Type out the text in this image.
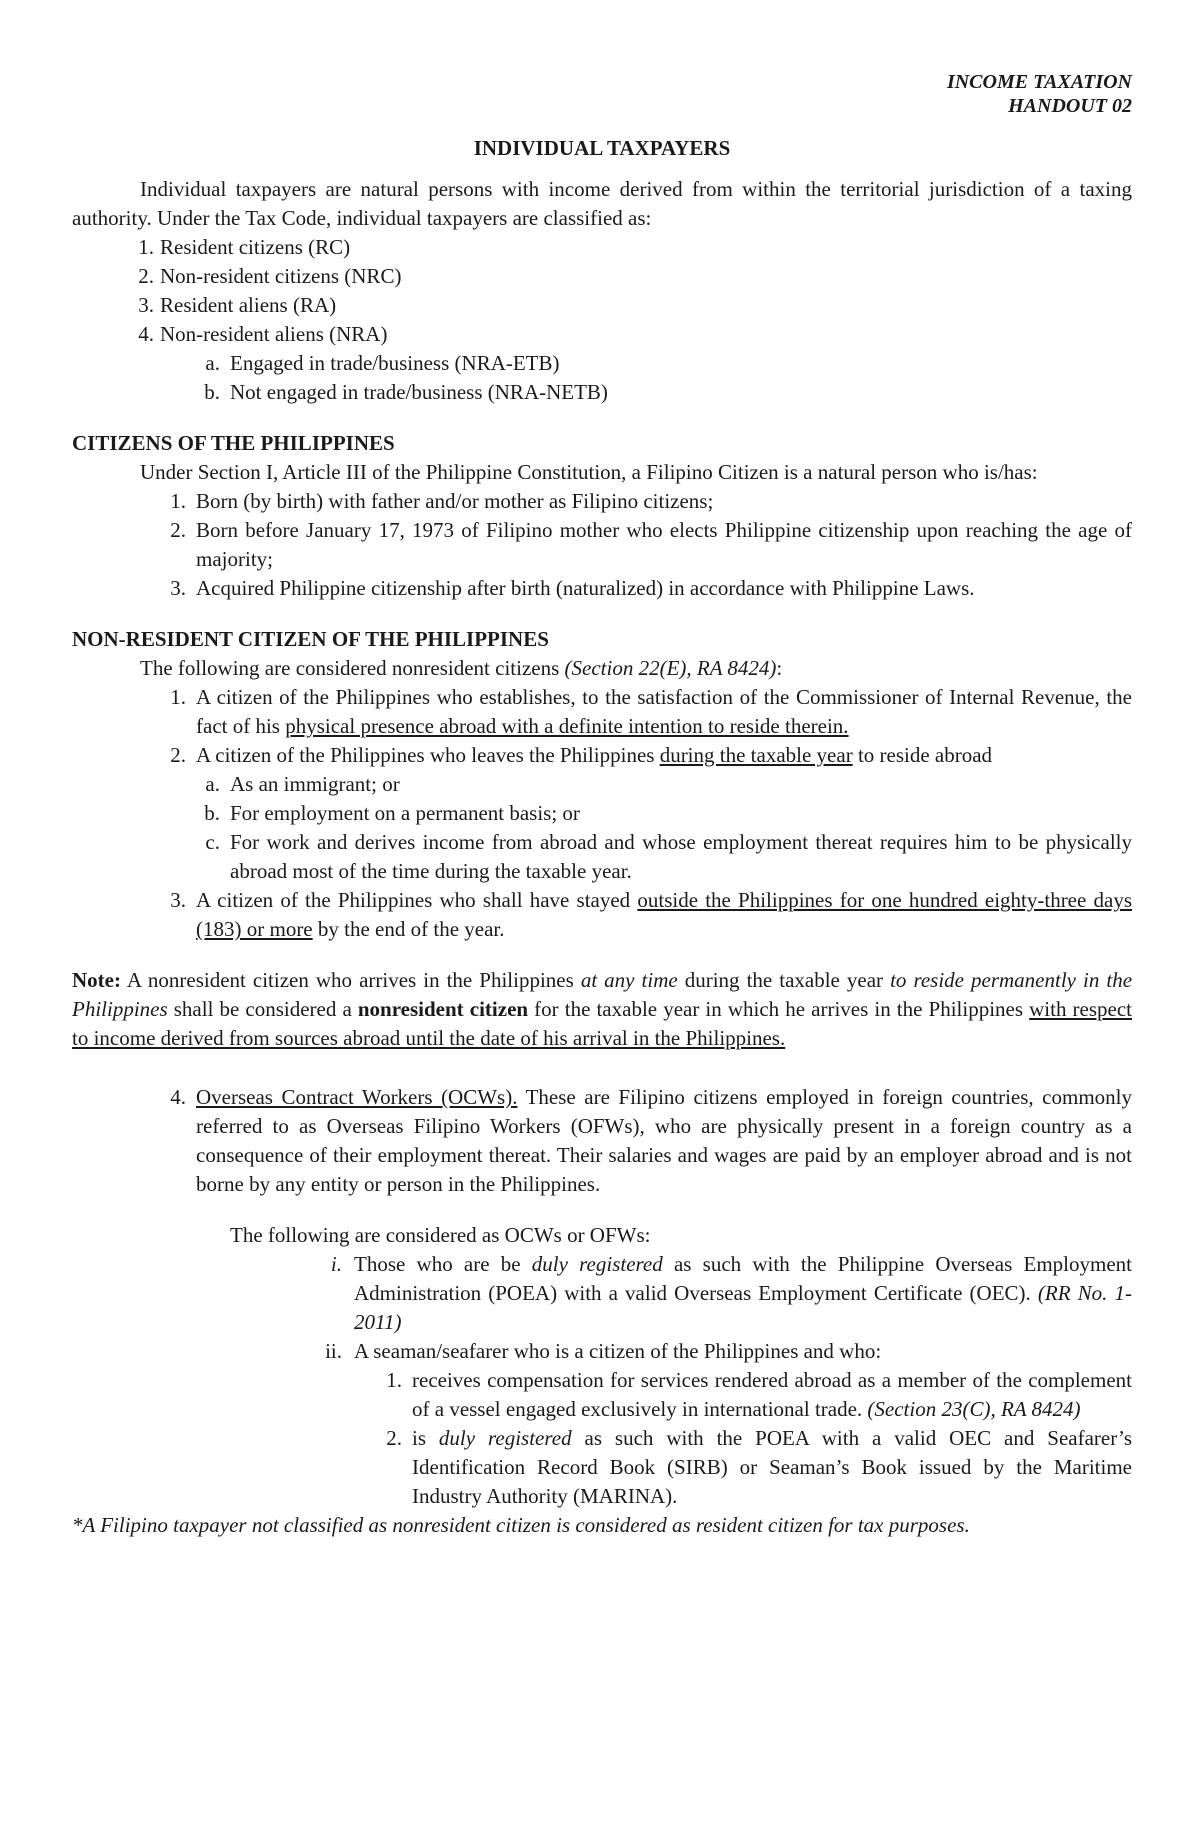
INCOME TAXATION
HANDOUT 02
INDIVIDUAL TAXPAYERS
Individual taxpayers are natural persons with income derived from within the territorial jurisdiction of a taxing authority. Under the Tax Code, individual taxpayers are classified as:
1. Resident citizens (RC)
2. Non-resident citizens (NRC)
3. Resident aliens (RA)
4. Non-resident aliens (NRA)
a. Engaged in trade/business (NRA-ETB)
b. Not engaged in trade/business (NRA-NETB)
CITIZENS OF THE PHILIPPINES
Under Section I, Article III of the Philippine Constitution, a Filipino Citizen is a natural person who is/has:
1. Born (by birth) with father and/or mother as Filipino citizens;
2. Born before January 17, 1973 of Filipino mother who elects Philippine citizenship upon reaching the age of majority;
3. Acquired Philippine citizenship after birth (naturalized) in accordance with Philippine Laws.
NON-RESIDENT CITIZEN OF THE PHILIPPINES
The following are considered nonresident citizens (Section 22(E), RA 8424):
1. A citizen of the Philippines who establishes, to the satisfaction of the Commissioner of Internal Revenue, the fact of his physical presence abroad with a definite intention to reside therein.
2. A citizen of the Philippines who leaves the Philippines during the taxable year to reside abroad
a. As an immigrant; or
b. For employment on a permanent basis; or
c. For work and derives income from abroad and whose employment thereat requires him to be physically abroad most of the time during the taxable year.
3. A citizen of the Philippines who shall have stayed outside the Philippines for one hundred eighty-three days (183) or more by the end of the year.
Note: A nonresident citizen who arrives in the Philippines at any time during the taxable year to reside permanently in the Philippines shall be considered a nonresident citizen for the taxable year in which he arrives in the Philippines with respect to income derived from sources abroad until the date of his arrival in the Philippines.
4. Overseas Contract Workers (OCWs). These are Filipino citizens employed in foreign countries, commonly referred to as Overseas Filipino Workers (OFWs), who are physically present in a foreign country as a consequence of their employment thereat. Their salaries and wages are paid by an employer abroad and is not borne by any entity or person in the Philippines.
The following are considered as OCWs or OFWs:
i. Those who are be duly registered as such with the Philippine Overseas Employment Administration (POEA) with a valid Overseas Employment Certificate (OEC). (RR No. 1-2011)
ii. A seaman/seafarer who is a citizen of the Philippines and who:
1. receives compensation for services rendered abroad as a member of the complement of a vessel engaged exclusively in international trade. (Section 23(C), RA 8424)
2. is duly registered as such with the POEA with a valid OEC and Seafarer’s Identification Record Book (SIRB) or Seaman’s Book issued by the Maritime Industry Authority (MARINA).
*A Filipino taxpayer not classified as nonresident citizen is considered as resident citizen for tax purposes.
